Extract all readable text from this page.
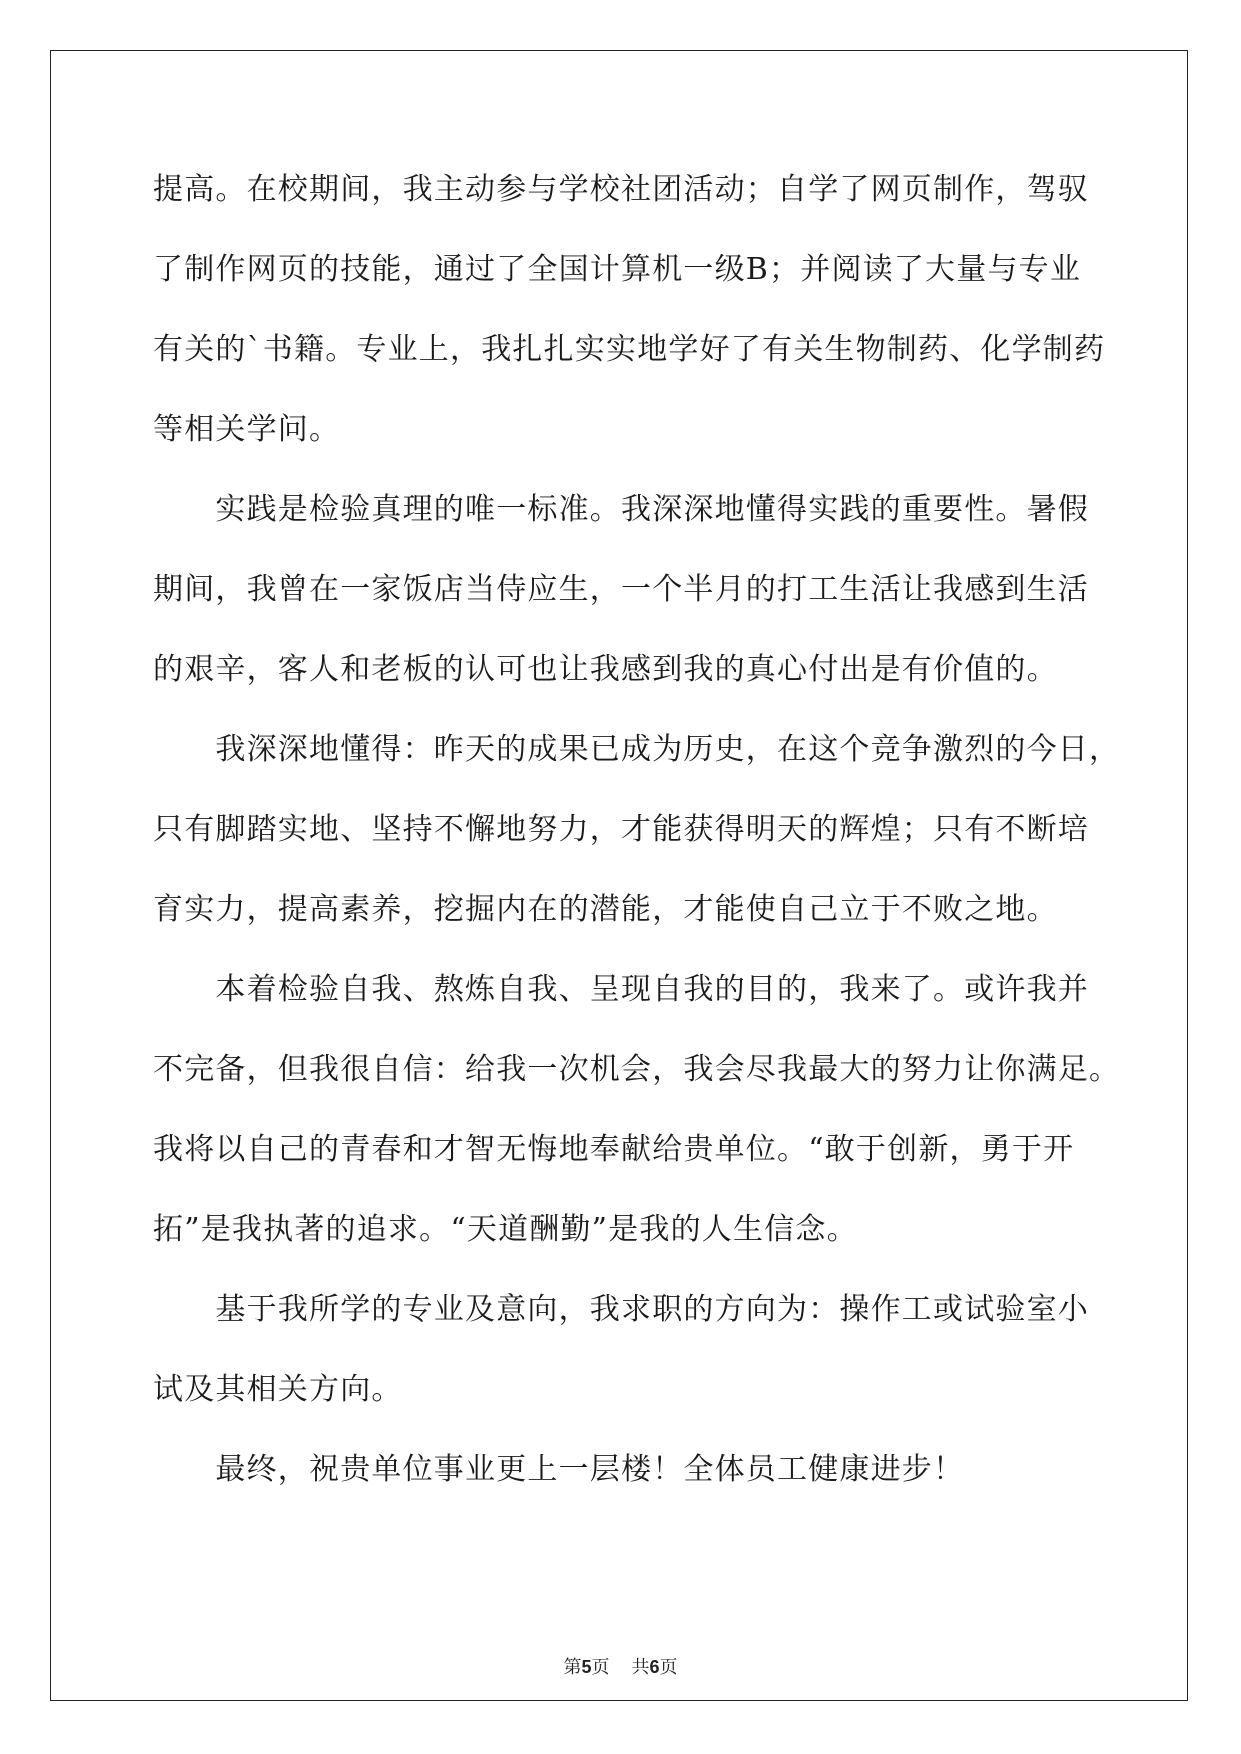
提高。在校期间，我主动参与学校社团活动；自学了网页制作，驾驭
了制作网页的技能，通过了全国计算机一级B；并阅读了大量与专业
有关的`书籍。专业上，我扎扎实实地学好了有关生物制药、化学制药
等相关学问。
　　实践是检验真理的唯一标准。我深深地懂得实践的重要性。暑假
期间，我曾在一家饭店当侍应生，一个半月的打工生活让我感到生活
的艰辛，客人和老板的认可也让我感到我的真心付出是有价值的。
　　我深深地懂得：昨天的成果已成为历史，在这个竞争激烈的今日，
只有脚踏实地、坚持不懈地努力，才能获得明天的辉煌；只有不断培
育实力，提高素养，挖掘内在的潜能，才能使自己立于不败之地。
　　本着检验自我、熬炼自我、呈现自我的目的，我来了。或许我并
不完备，但我很自信：给我一次机会，我会尽我最大的努力让你满足。
我将以自己的青春和才智无悔地奉献给贵单位。“敢于创新，勇于开
拓”是我执著的追求。“天道酬勤”是我的人生信念。
　　基于我所学的专业及意向，我求职的方向为：操作工或试验室小
试及其相关方向。
　　最终，祝贵单位事业更上一层楼！全体员工健康进步！
第5页 共6页
